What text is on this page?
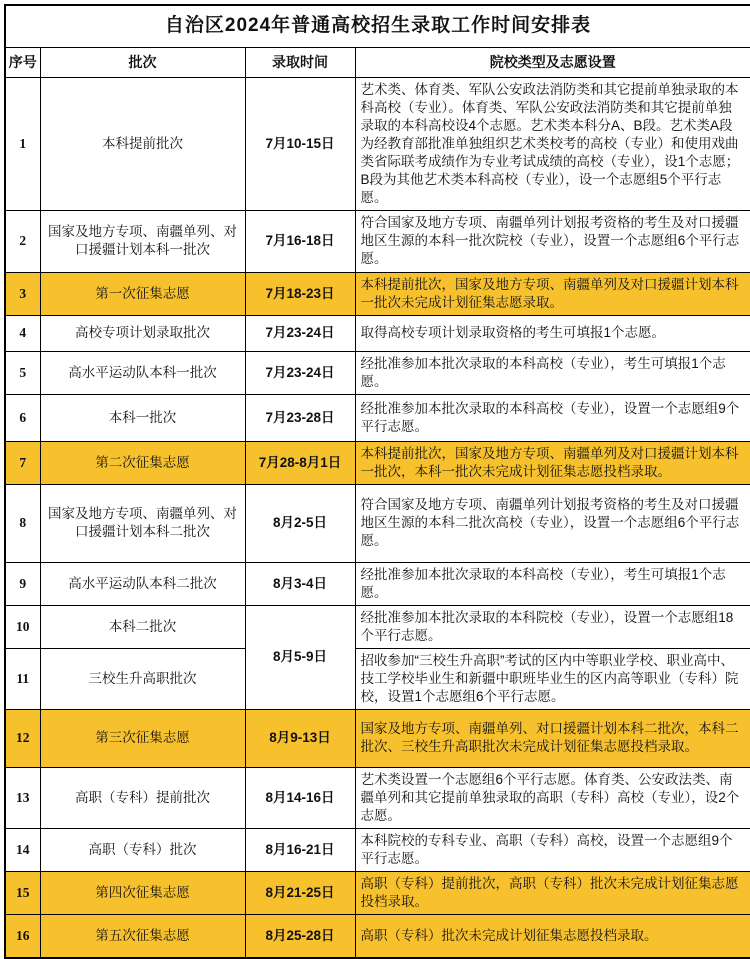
自治区2024年普通高校招生录取工作时间安排表			
序号	批次	录取时间	院校类型及志愿设置
1	本科提前批次	7月10-15日	艺术类、体育类、军队公安政法消防类和其它提前单独录取的本科高校（专业）。体育类、军队公安政法消防类和其它提前单独录取的本科高校设4个志愿。艺术类本科分A、B段。艺术类A段为经教育部批准单独组织艺术类校考的高校（专业）和使用戏曲类省际联考成绩作为专业考试成绩的高校（专业），设1个志愿；B段为其他艺术类本科高校（专业），设一个志愿组5个平行志愿。
2	国家及地方专项、南疆单列、对口援疆计划本科一批次	7月16-18日	符合国家及地方专项、南疆单列计划报考资格的考生及对口援疆地区生源的本科一批次院校（专业），设置一个志愿组6个平行志愿。
3	第一次征集志愿	7月18-23日	本科提前批次，国家及地方专项、南疆单列及对口援疆计划本科一批次未完成计划征集志愿录取。
4	高校专项计划录取批次	7月23-24日	取得高校专项计划录取资格的考生可填报1个志愿。
5	高水平运动队本科一批次	7月23-24日	经批准参加本批次录取的本科高校（专业），考生可填报1个志愿。
6	本科一批次	7月23-28日	经批准参加本批次录取的本科高校（专业），设置一个志愿组9个平行志愿。
7	第二次征集志愿	7月28-8月1日	本科提前批次，国家及地方专项、南疆单列及对口援疆计划本科一批次，本科一批次未完成计划征集志愿投档录取。
8	国家及地方专项、南疆单列、对口援疆计划本科二批次	8月2-5日	符合国家及地方专项、南疆单列计划报考资格的考生及对口援疆地区生源的本科二批次高校（专业），设置一个志愿组6个平行志愿。
9	高水平运动队本科二批次	8月3-4日	经批准参加本批次录取的本科高校（专业），考生可填报1个志愿。
10	本科二批次	8月5-9日	经批准参加本批次录取的本科院校（专业），设置一个志愿组18个平行志愿。
11	三校生升高职批次		招收参加“三校生升高职”考试的区内中等职业学校、职业高中、技工学校毕业生和新疆中职班毕业生的区内高等职业（专科）院校，设置1个志愿组6个平行志愿。
12	第三次征集志愿	8月9-13日	国家及地方专项、南疆单列、对口援疆计划本科二批次，本科二批次、三校生升高职批次未完成计划征集志愿投档录取。
13	高职（专科）提前批次	8月14-16日	艺术类设置一个志愿组6个平行志愿。体育类、公安政法类、南疆单列和其它提前单独录取的高职（专科）高校（专业），设2个志愿。
14	高职（专科）批次	8月16-21日	本科院校的专科专业、高职（专科）高校，设置一个志愿组9个平行志愿。
15	第四次征集志愿	8月21-25日	高职（专科）提前批次，高职（专科）批次未完成计划征集志愿投档录取。
16	第五次征集志愿	8月25-28日	高职（专科）批次未完成计划征集志愿投档录取。
